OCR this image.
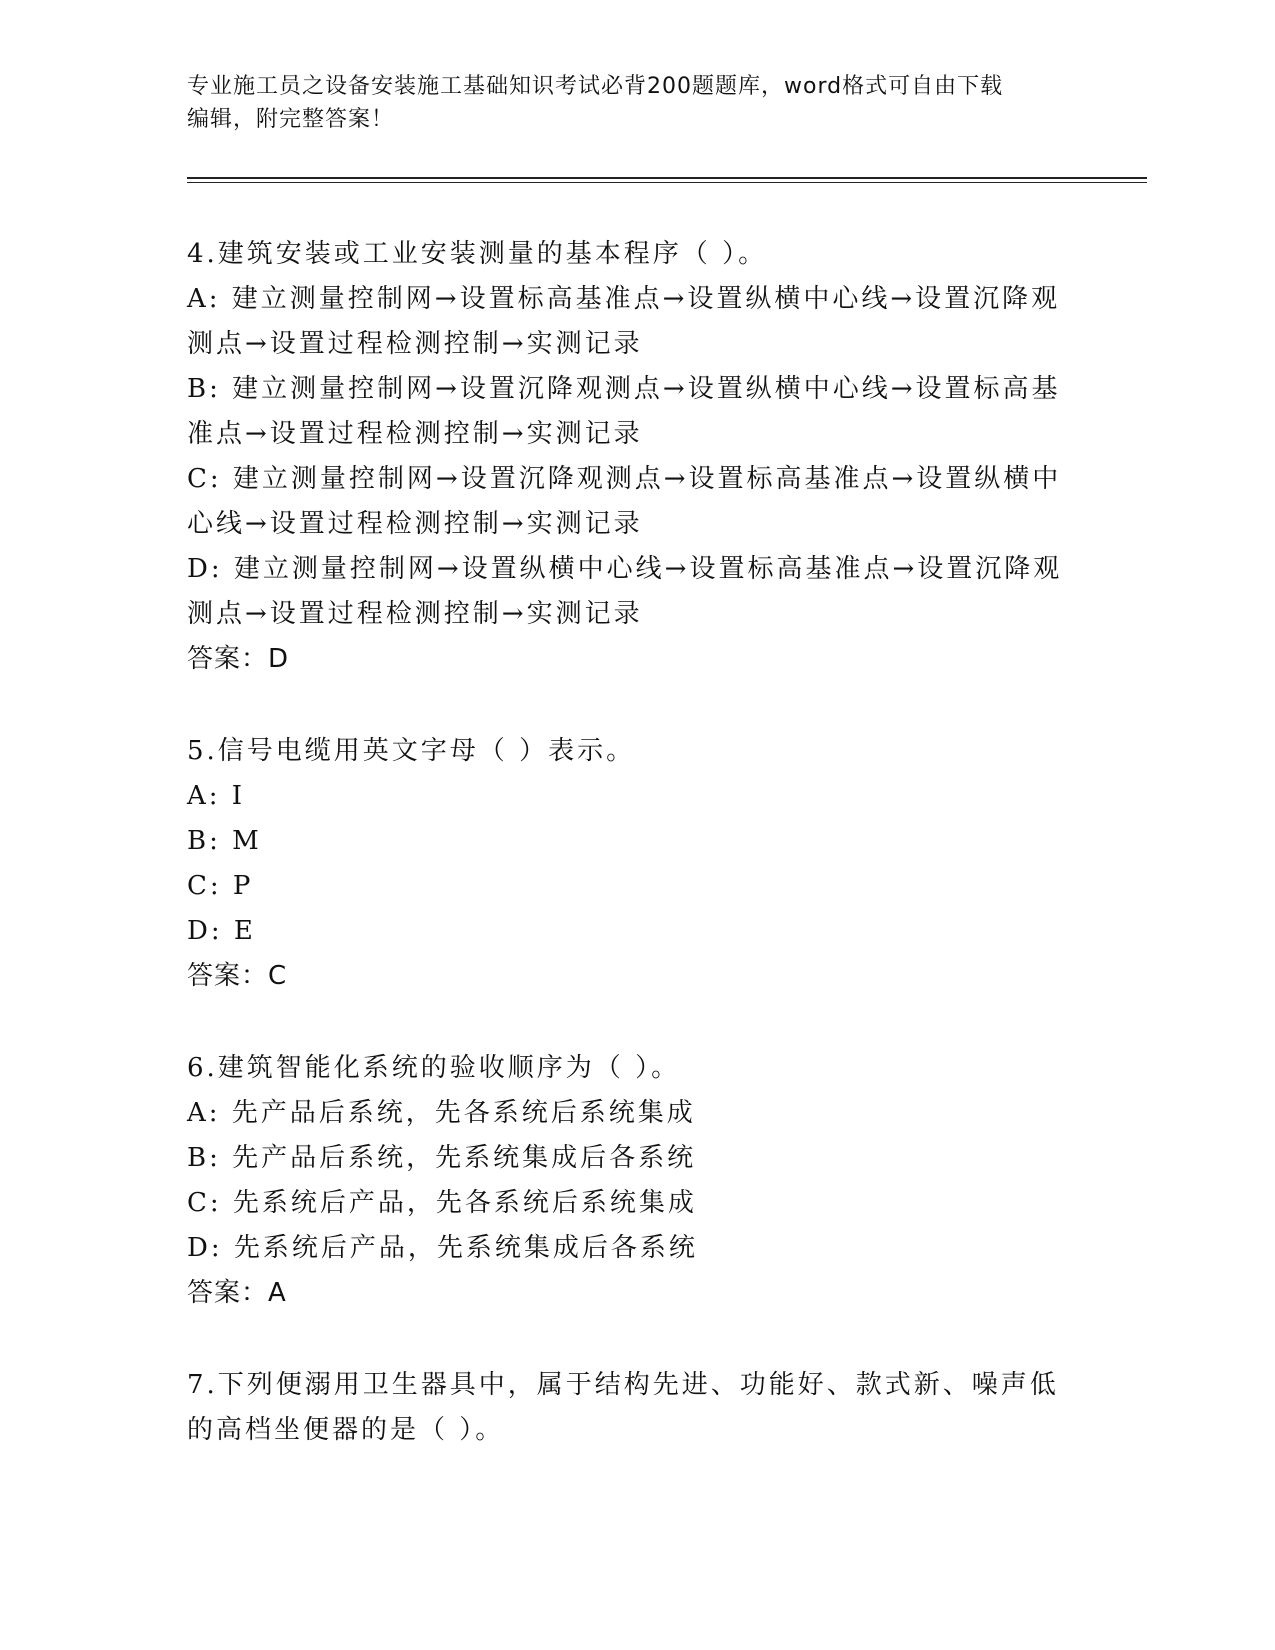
专业施工员之设备安装施工基础知识考试必背200题题库，word格式可自由下载
编辑，附完整答案！
4.建筑安装或工业安装测量的基本程序（ ）。
A: 建立测量控制网→设置标高基准点→设置纵横中心线→设置沉降观
测点→设置过程检测控制→实测记录
B: 建立测量控制网→设置沉降观测点→设置纵横中心线→设置标高基
准点→设置过程检测控制→实测记录
C: 建立测量控制网→设置沉降观测点→设置标高基准点→设置纵横中
心线→设置过程检测控制→实测记录
D: 建立测量控制网→设置纵横中心线→设置标高基准点→设置沉降观
测点→设置过程检测控制→实测记录
答案：D
5.信号电缆用英文字母（ ）表示。
A: I
B: M
C: P
D: E
答案：C
6.建筑智能化系统的验收顺序为（ ）。
A: 先产品后系统，先各系统后系统集成
B: 先产品后系统，先系统集成后各系统
C: 先系统后产品，先各系统后系统集成
D: 先系统后产品，先系统集成后各系统
答案：A
7.下列便溺用卫生器具中，属于结构先进、功能好、款式新、噪声低
的高档坐便器的是（ ）。
